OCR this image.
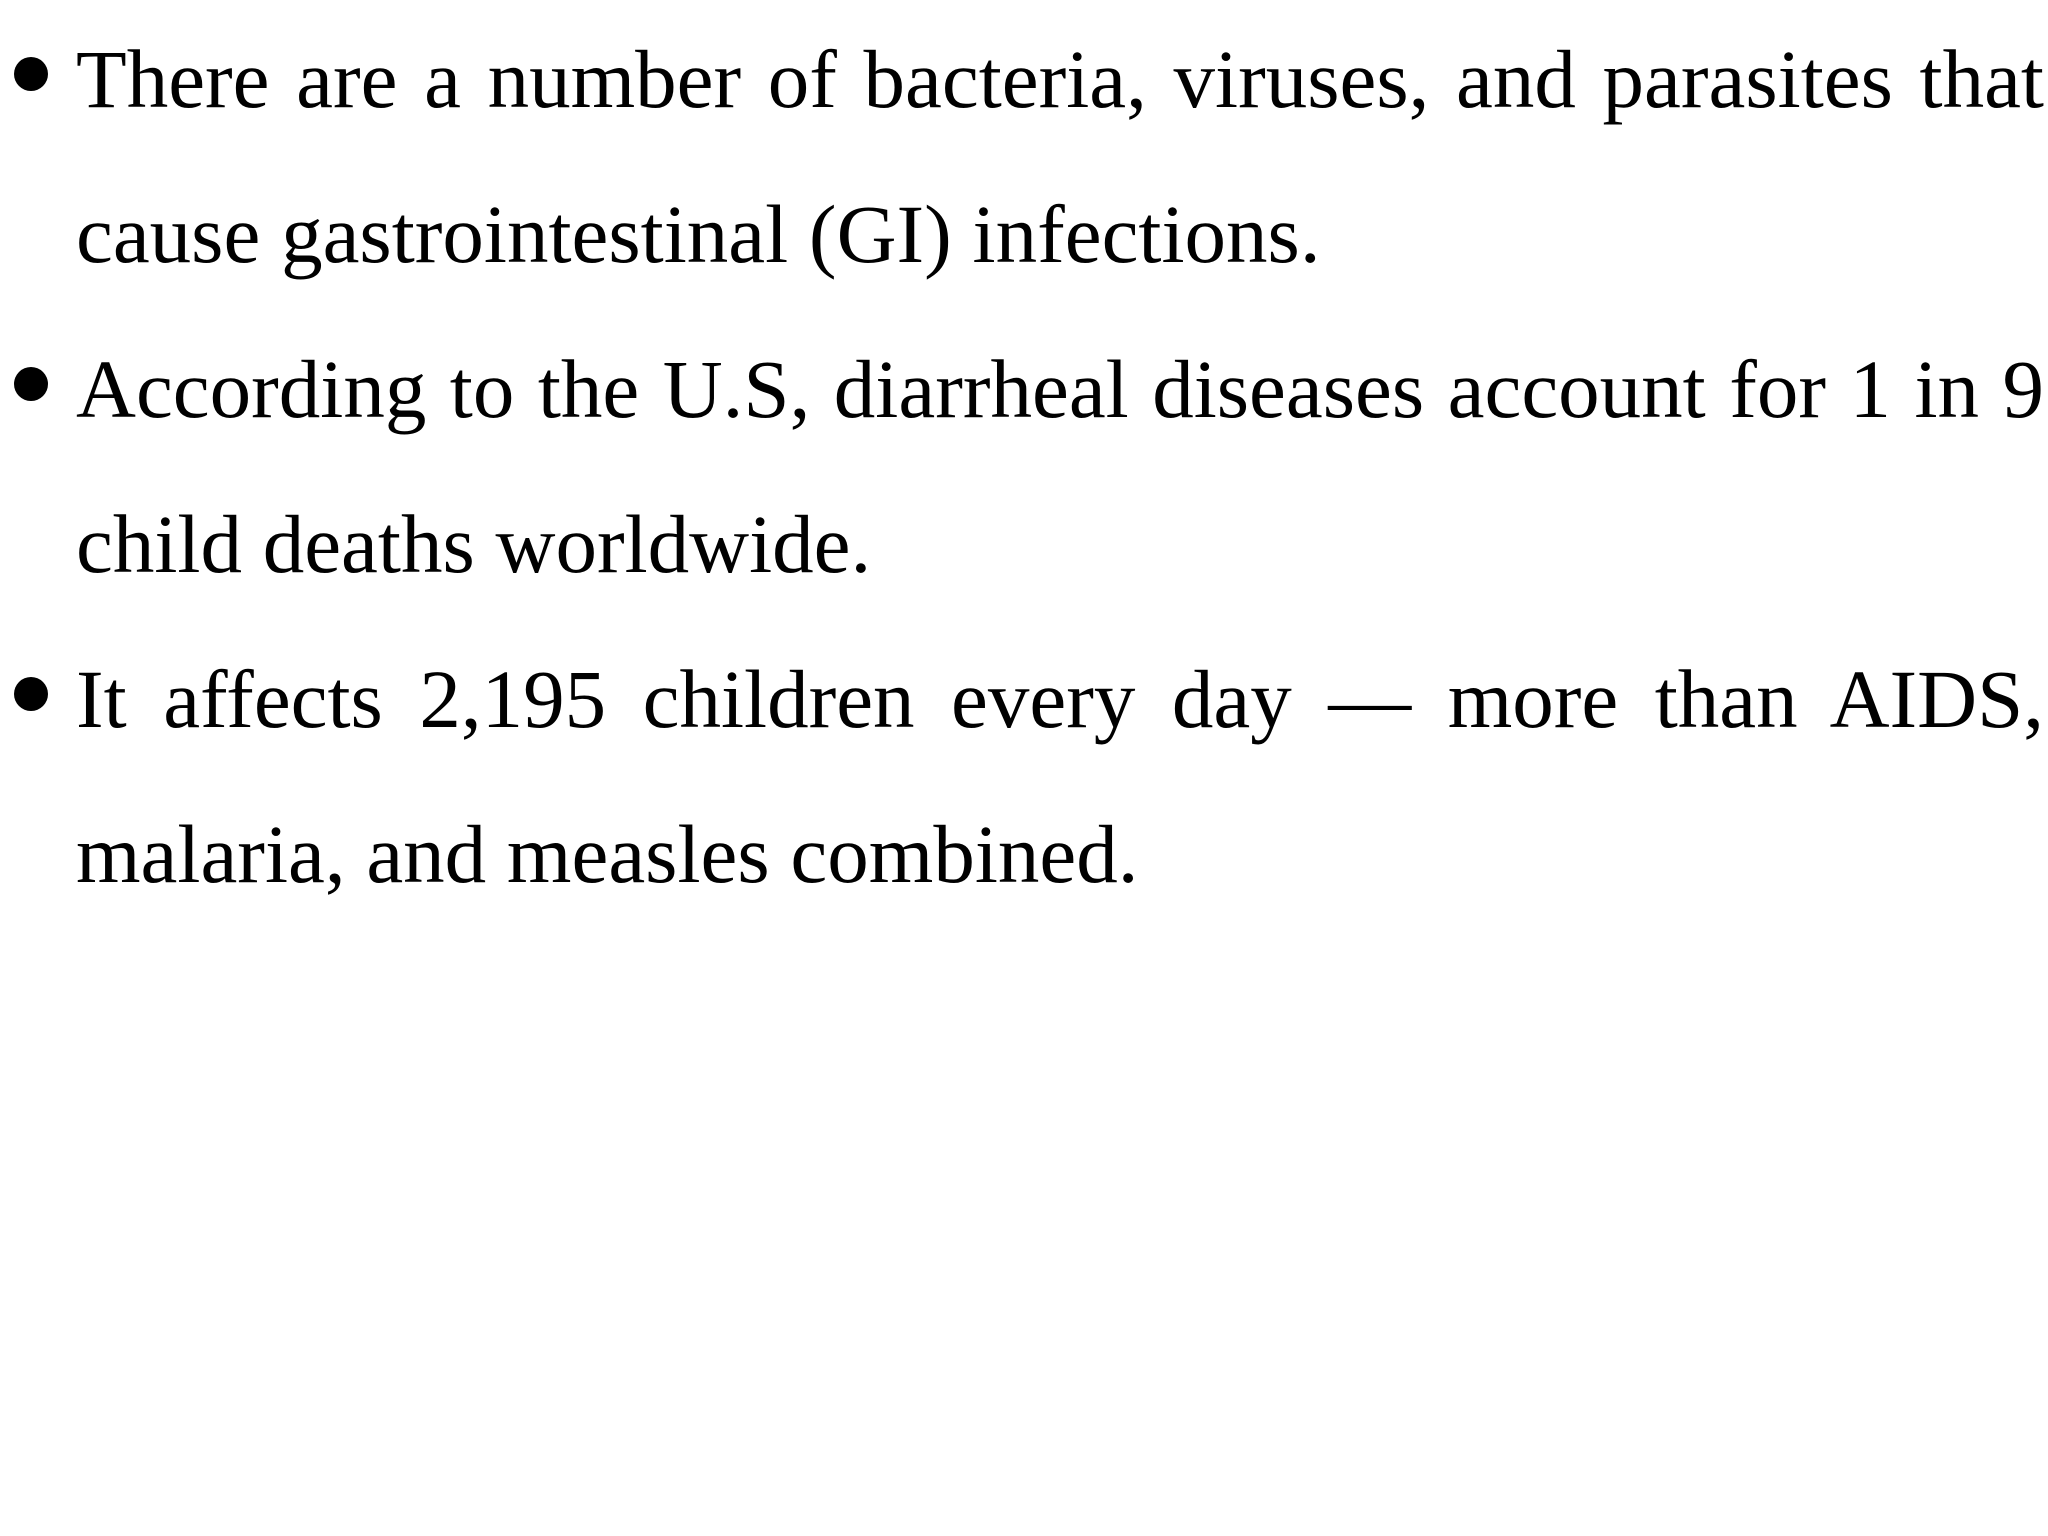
There are a number of bacteria, viruses, and parasites that cause gastrointestinal (GI) infections.
According to the U.S, diarrheal diseases account for 1 in 9 child deaths worldwide.
It affects 2,195 children every day — more than AIDS, malaria, and measles combined.
